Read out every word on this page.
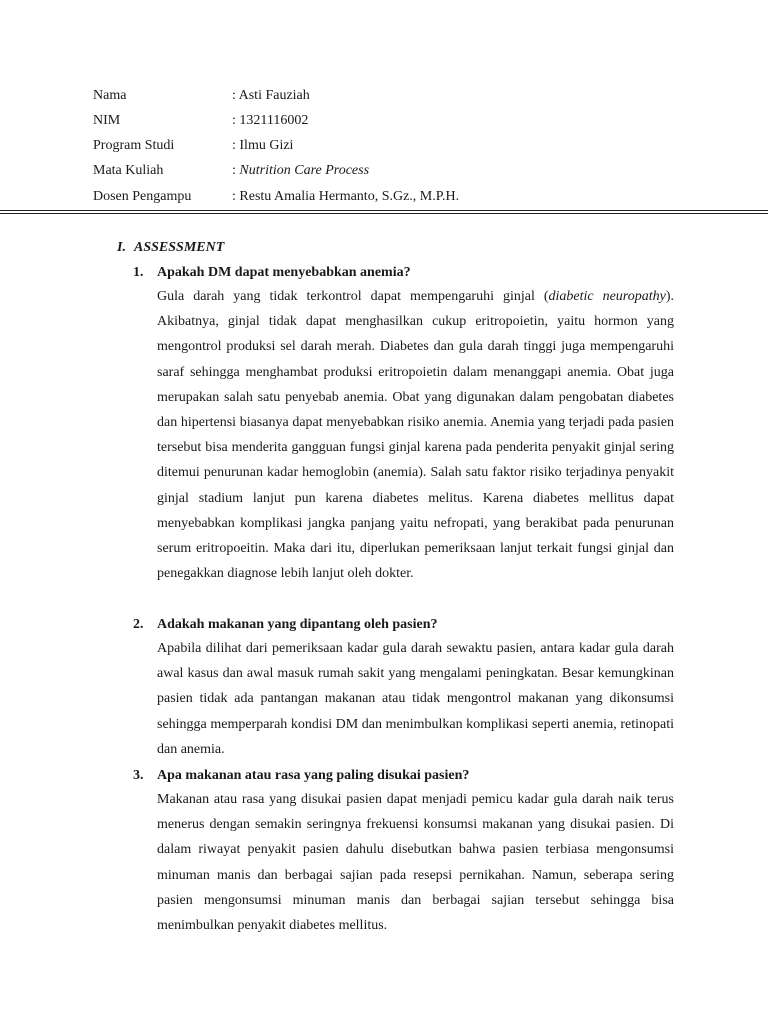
Nama	: Asti Fauziah
NIM	: 1321116002
Program Studi	: Ilmu Gizi
Mata Kuliah	: Nutrition Care Process
Dosen Pengampu	: Restu Amalia Hermanto, S.Gz., M.P.H.
I. ASSESSMENT
1. Apakah DM dapat menyebabkan anemia?

Gula darah yang tidak terkontrol dapat mempengaruhi ginjal (diabetic neuropathy). Akibatnya, ginjal tidak dapat menghasilkan cukup eritropoietin, yaitu hormon yang mengontrol produksi sel darah merah. Diabetes dan gula darah tinggi juga mempengaruhi saraf sehingga menghambat produksi eritropoietin dalam menanggapi anemia. Obat juga merupakan salah satu penyebab anemia. Obat yang digunakan dalam pengobatan diabetes dan hipertensi biasanya dapat menyebabkan risiko anemia. Anemia yang terjadi pada pasien tersebut bisa menderita gangguan fungsi ginjal karena pada penderita penyakit ginjal sering ditemui penurunan kadar hemoglobin (anemia). Salah satu faktor risiko terjadinya penyakit ginjal stadium lanjut pun karena diabetes melitus. Karena diabetes mellitus dapat menyebabkan komplikasi jangka panjang yaitu nefropati, yang berakibat pada penurunan serum eritropoeitin. Maka dari itu, diperlukan pemeriksaan lanjut terkait fungsi ginjal dan penegakkan diagnose lebih lanjut oleh dokter.

2. Adakah makanan yang dipantang oleh pasien?

Apabila dilihat dari pemeriksaan kadar gula darah sewaktu pasien, antara kadar gula darah awal kasus dan awal masuk rumah sakit yang mengalami peningkatan. Besar kemungkinan pasien tidak ada pantangan makanan atau tidak mengontrol makanan yang dikonsumsi sehingga memperparah kondisi DM dan menimbulkan komplikasi seperti anemia, retinopati dan anemia.

3. Apa makanan atau rasa yang paling disukai pasien?

Makanan atau rasa yang disukai pasien dapat menjadi pemicu kadar gula darah naik terus menerus dengan semakin seringnya frekuensi konsumsi makanan yang disukai pasien. Di dalam riwayat penyakit pasien dahulu disebutkan bahwa pasien terbiasa mengonsumsi minuman manis dan berbagai sajian pada resepsi pernikahan. Namun, seberapa sering pasien mengonsumsi minuman manis dan berbagai sajian tersebut sehingga bisa menimbulkan penyakit diabetes mellitus.
